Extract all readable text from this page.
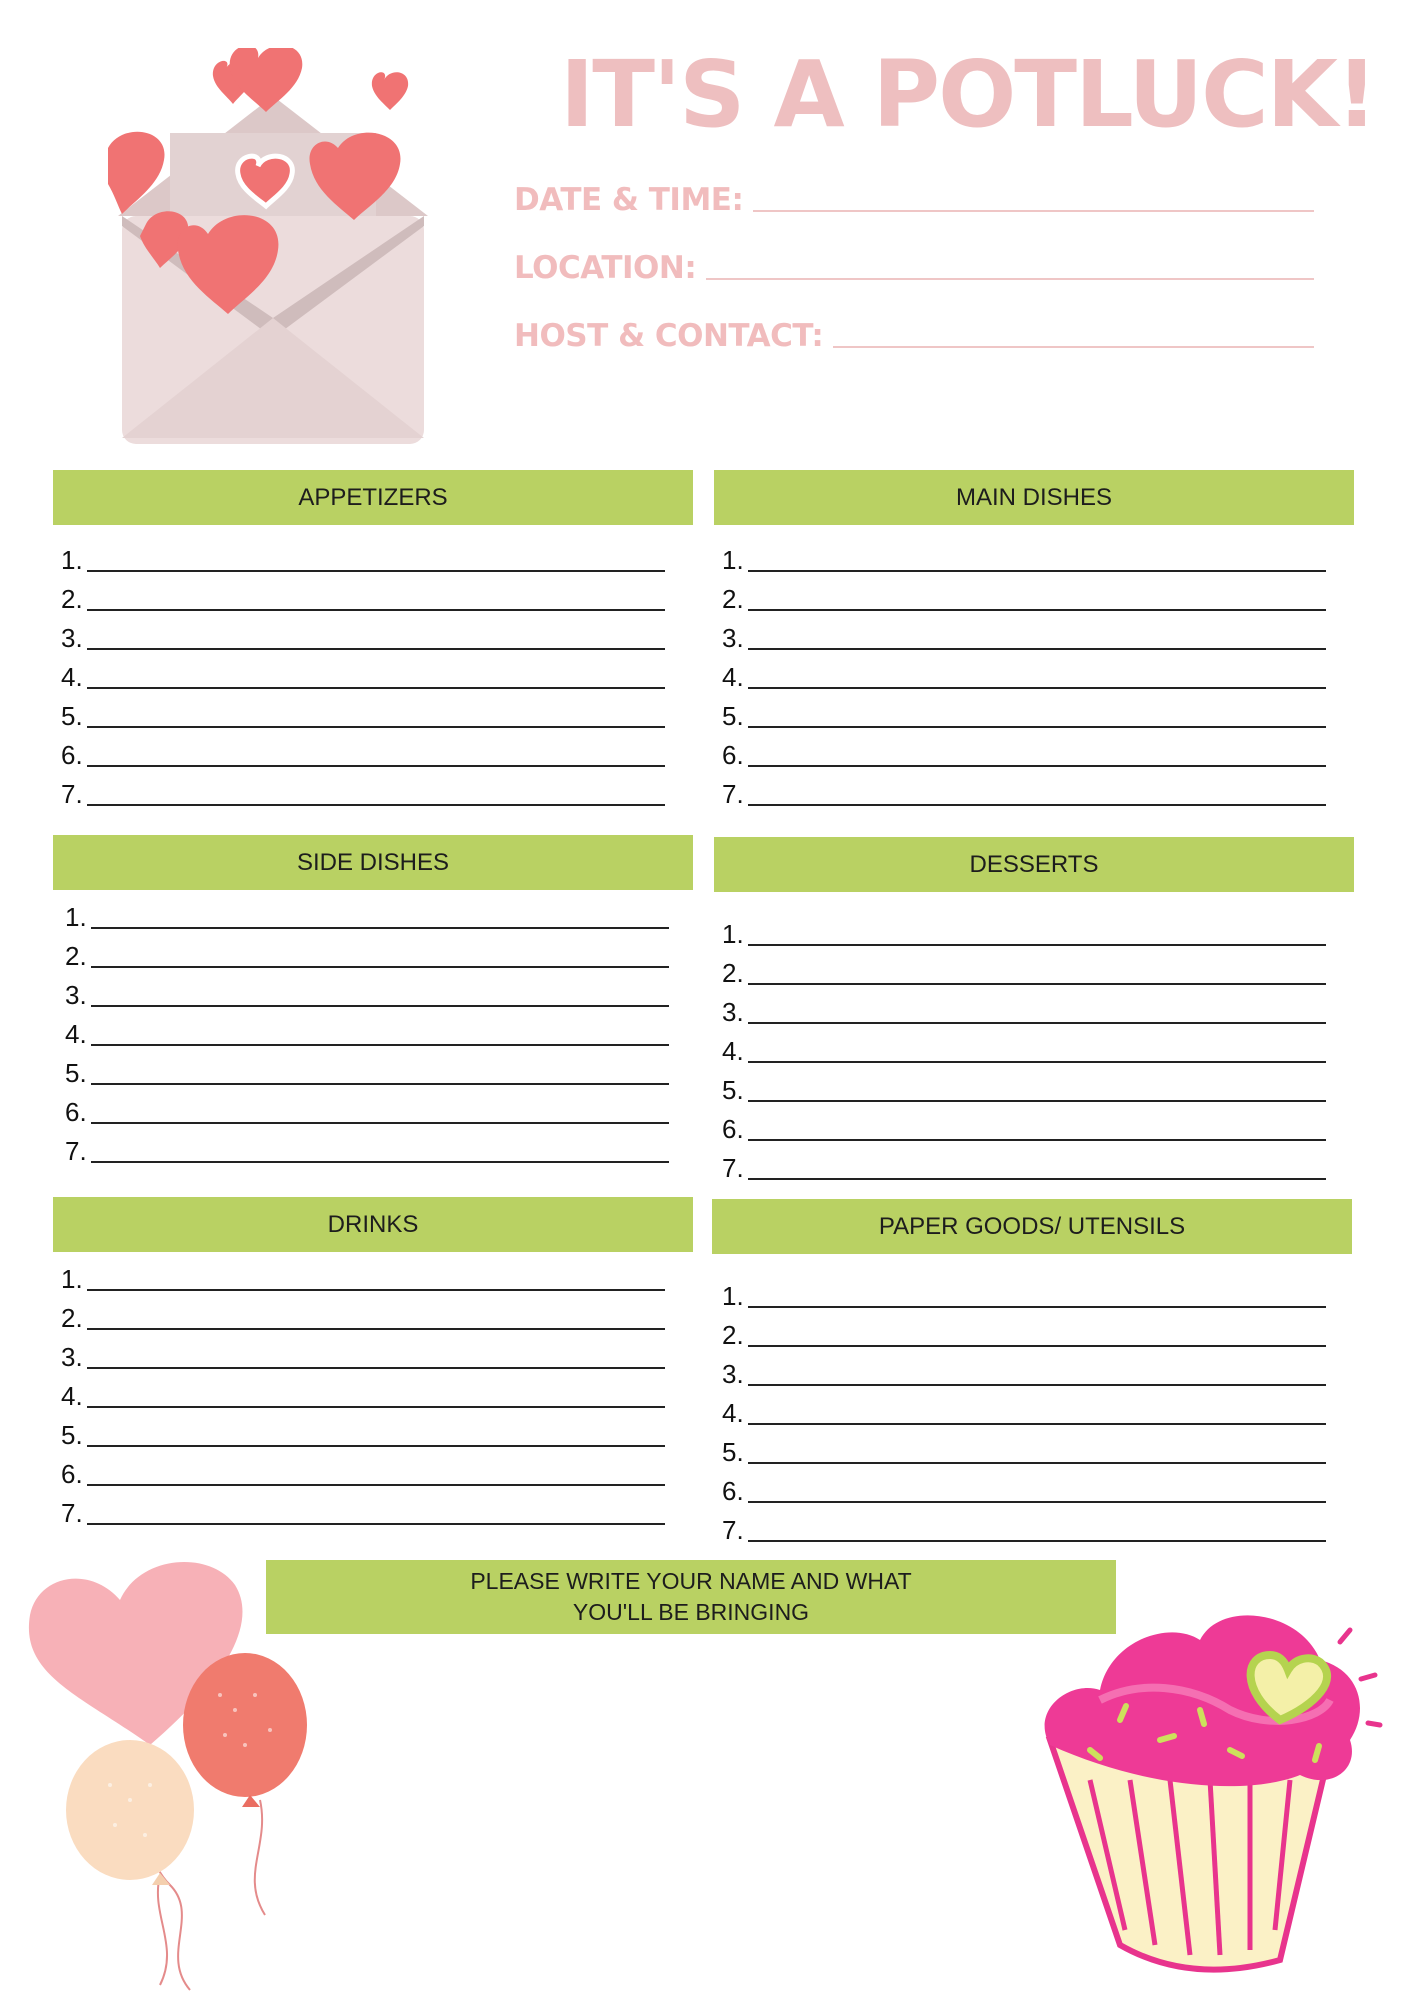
IT'S A POTLUCK!
DATE & TIME:
LOCATION:
HOST & CONTACT:
APPETIZERS
1.
2.
3.
4.
5.
6.
7.
MAIN DISHES
1.
2.
3.
4.
5.
6.
7.
SIDE DISHES
1.
2.
3.
4.
5.
6.
7.
DESSERTS
1.
2.
3.
4.
5.
6.
7.
DRINKS
1.
2.
3.
4.
5.
6.
7.
PAPER GOODS/ UTENSILS
1.
2.
3.
4.
5.
6.
7.
PLEASE WRITE YOUR NAME AND WHAT YOU'LL BE BRINGING
